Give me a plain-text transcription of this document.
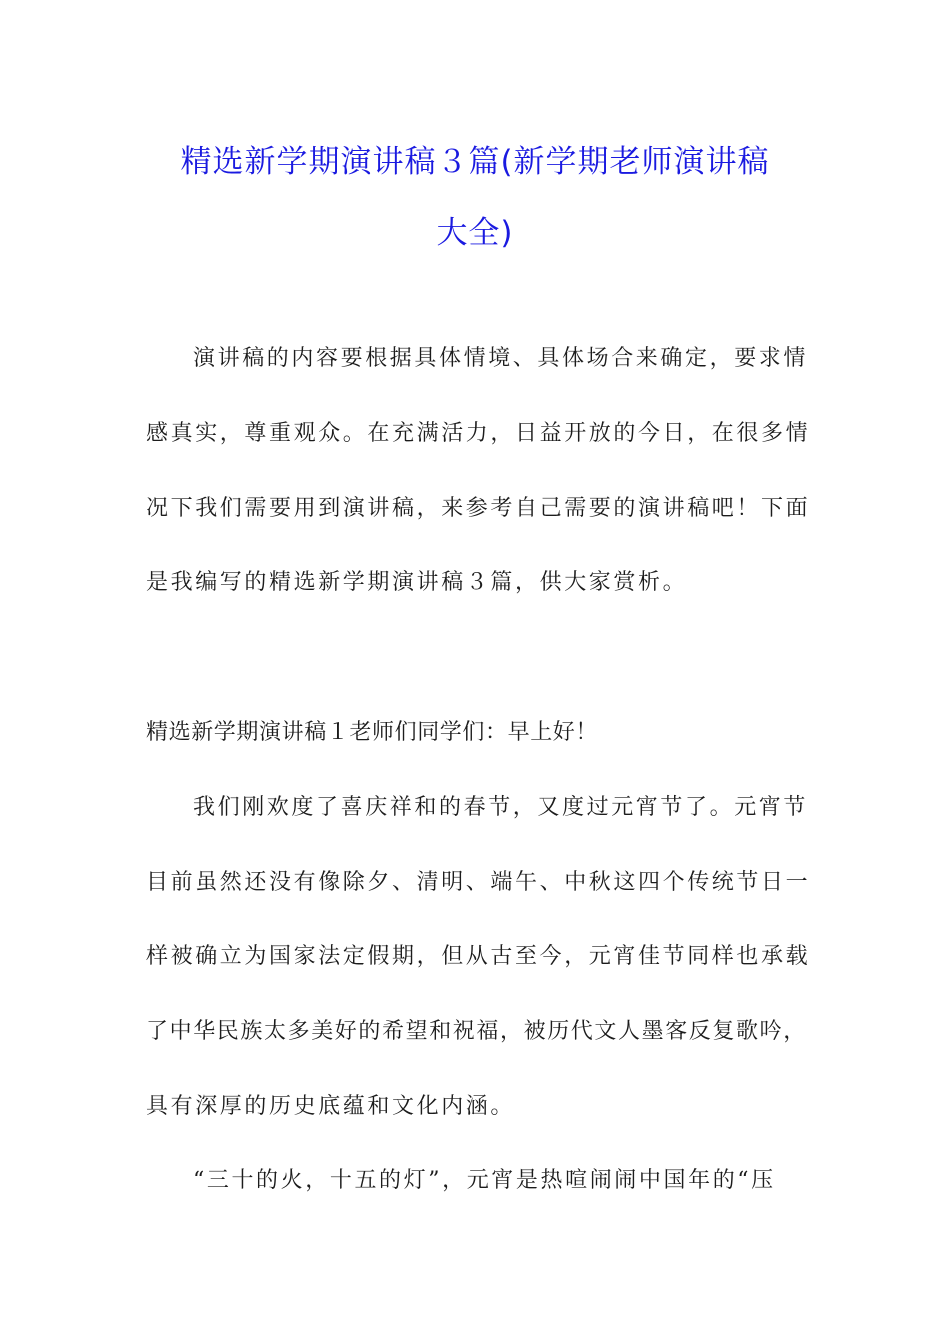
精选新学期演讲稿３篇(新学期老师演讲稿
大全)
演讲稿的内容要根据具体情境、具体场合来确定，要求情
感真实，尊重观众。在充满活力，日益开放的今日，在很多情
况下我们需要用到演讲稿，来参考自己需要的演讲稿吧！下面
是我编写的精选新学期演讲稿３篇，供大家赏析。
精选新学期演讲稿１老师们同学们：早上好！
我们刚欢度了喜庆祥和的春节，又度过元宵节了。元宵节
目前虽然还没有像除夕、清明、端午、中秋这四个传统节日一
样被确立为国家法定假期，但从古至今，元宵佳节同样也承载
了中华民族太多美好的希望和祝福，被历代文人墨客反复歌吟，
具有深厚的历史底蕴和文化内涵。
“三十的火，十五的灯”，元宵是热喧闹闹中国年的“压
